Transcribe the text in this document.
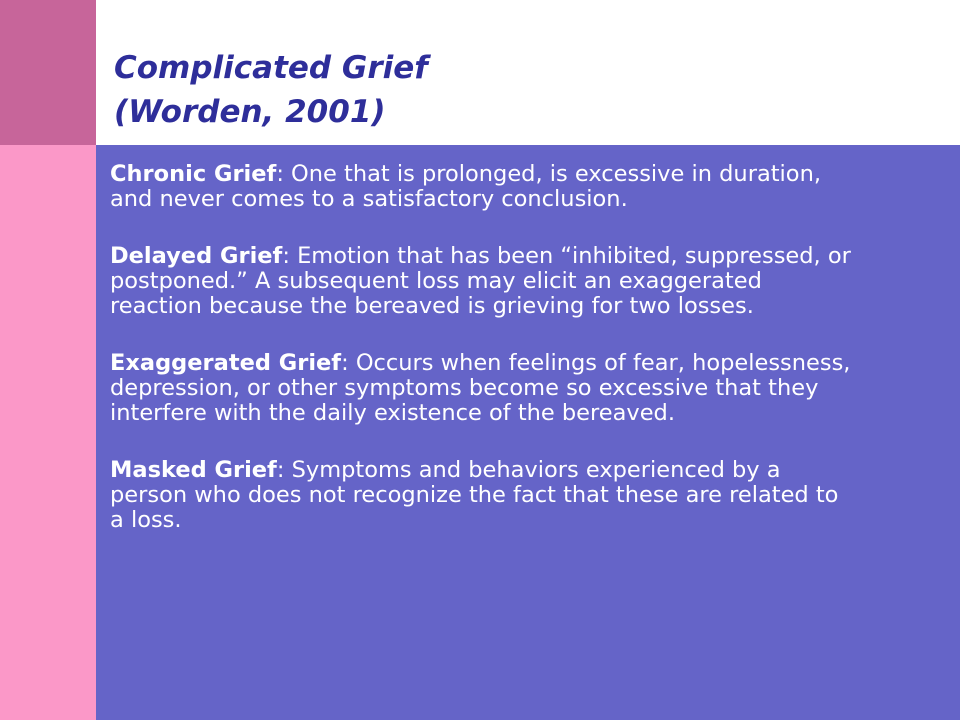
Complicated Grief
(Worden, 2001)
Chronic Grief: One that is prolonged, is excessive in duration, and never comes to a satisfactory conclusion.
Delayed Grief: Emotion that has been “inhibited, suppressed, or postponed.” A subsequent loss may elicit an exaggerated reaction because the bereaved is grieving for two losses.
Exaggerated Grief: Occurs when feelings of fear, hopelessness, depression, or other symptoms become so excessive that they interfere with the daily existence of the bereaved.
Masked Grief: Symptoms and behaviors experienced by a person who does not recognize the fact that these are related to a loss.
